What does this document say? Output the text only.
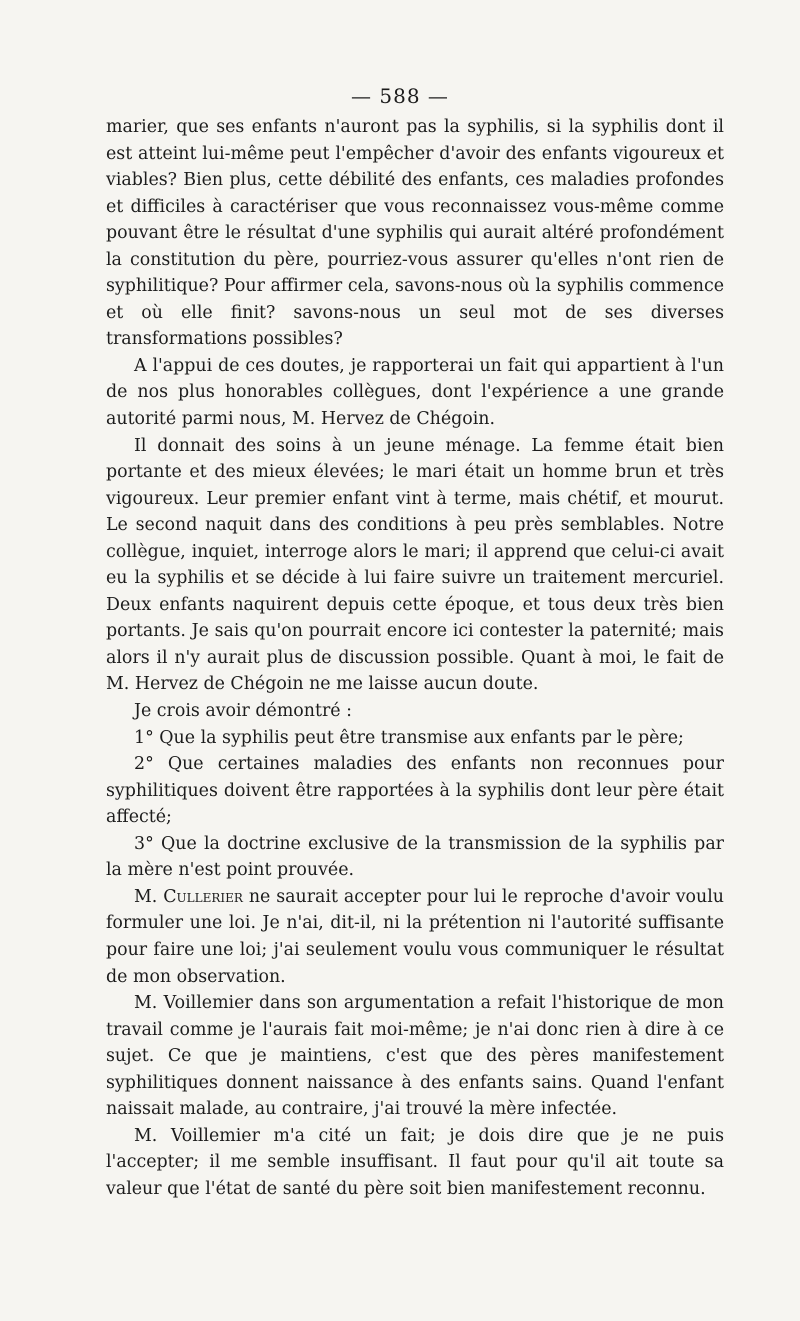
— 588 —

marier, que ses enfants n'auront pas la syphilis, si la syphilis dont il est atteint lui-même peut l'empêcher d'avoir des enfants vigoureux et viables? Bien plus, cette débilité des enfants, ces maladies profondes et difficiles à caractériser que vous reconnaissez vous-même comme pouvant être le résultat d'une syphilis qui aurait altéré profondément la constitution du père, pourriez-vous assurer qu'elles n'ont rien de syphilitique? Pour affirmer cela, savons-nous où la syphilis commence et où elle finit? savons-nous un seul mot de ses diverses transformations possibles?

A l'appui de ces doutes, je rapporterai un fait qui appartient à l'un de nos plus honorables collègues, dont l'expérience a une grande autorité parmi nous, M. Hervez de Chégoin.

Il donnait des soins à un jeune ménage. La femme était bien portante et des mieux élevées; le mari était un homme brun et très vigoureux. Leur premier enfant vint à terme, mais chétif, et mourut. Le second naquit dans des conditions à peu près semblables. Notre collègue, inquiet, interroge alors le mari; il apprend que celui-ci avait eu la syphilis et se décide à lui faire suivre un traitement mercuriel. Deux enfants naquirent depuis cette époque, et tous deux très bien portants. Je sais qu'on pourrait encore ici contester la paternité; mais alors il n'y aurait plus de discussion possible. Quant à moi, le fait de M. Hervez de Chégoin ne me laisse aucun doute.

Je crois avoir démontré :

1° Que la syphilis peut être transmise aux enfants par le père;

2° Que certaines maladies des enfants non reconnues pour syphilitiques doivent être rapportées à la syphilis dont leur père était affecté;

3° Que la doctrine exclusive de la transmission de la syphilis par la mère n'est point prouvée.

M. Cullerier ne saurait accepter pour lui le reproche d'avoir voulu formuler une loi. Je n'ai, dit-il, ni la prétention ni l'autorité suffisante pour faire une loi; j'ai seulement voulu vous communiquer le résultat de mon observation.

M. Voillemier dans son argumentation a refait l'historique de mon travail comme je l'aurais fait moi-même; je n'ai donc rien à dire à ce sujet. Ce que je maintiens, c'est que des pères manifestement syphilitiques donnent naissance à des enfants sains. Quand l'enfant naissait malade, au contraire, j'ai trouvé la mère infectée.

M. Voillemier m'a cité un fait; je dois dire que je ne puis l'accepter; il me semble insuffisant. Il faut pour qu'il ait toute sa valeur que l'état de santé du père soit bien manifestement reconnu.
